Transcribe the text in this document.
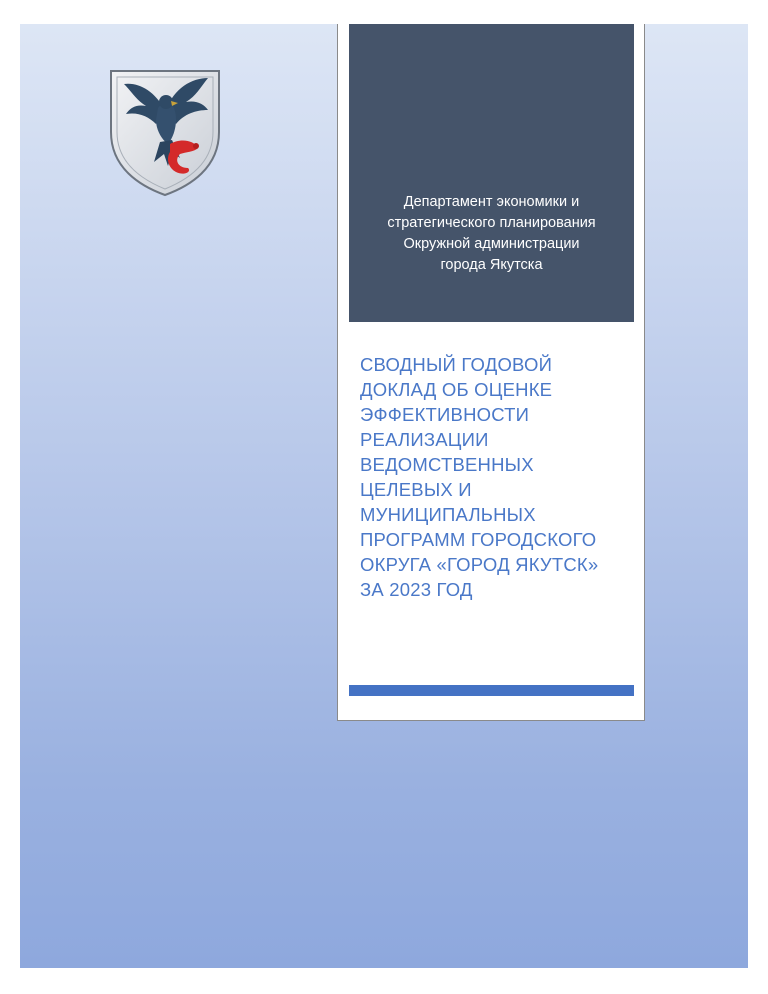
Департамент экономики и
стратегического планирования
Окружной администрации
города Якутска
СВОДНЫЙ ГОДОВОЙ
ДОКЛАД ОБ ОЦЕНКЕ
ЭФФЕКТИВНОСТИ
РЕАЛИЗАЦИИ
ВЕДОМСТВЕННЫХ
ЦЕЛЕВЫХ И
МУНИЦИПАЛЬНЫХ
ПРОГРАММ ГОРОДСКОГО
ОКРУГА «ГОРОД ЯКУТСК»
ЗА 2023 ГОД
